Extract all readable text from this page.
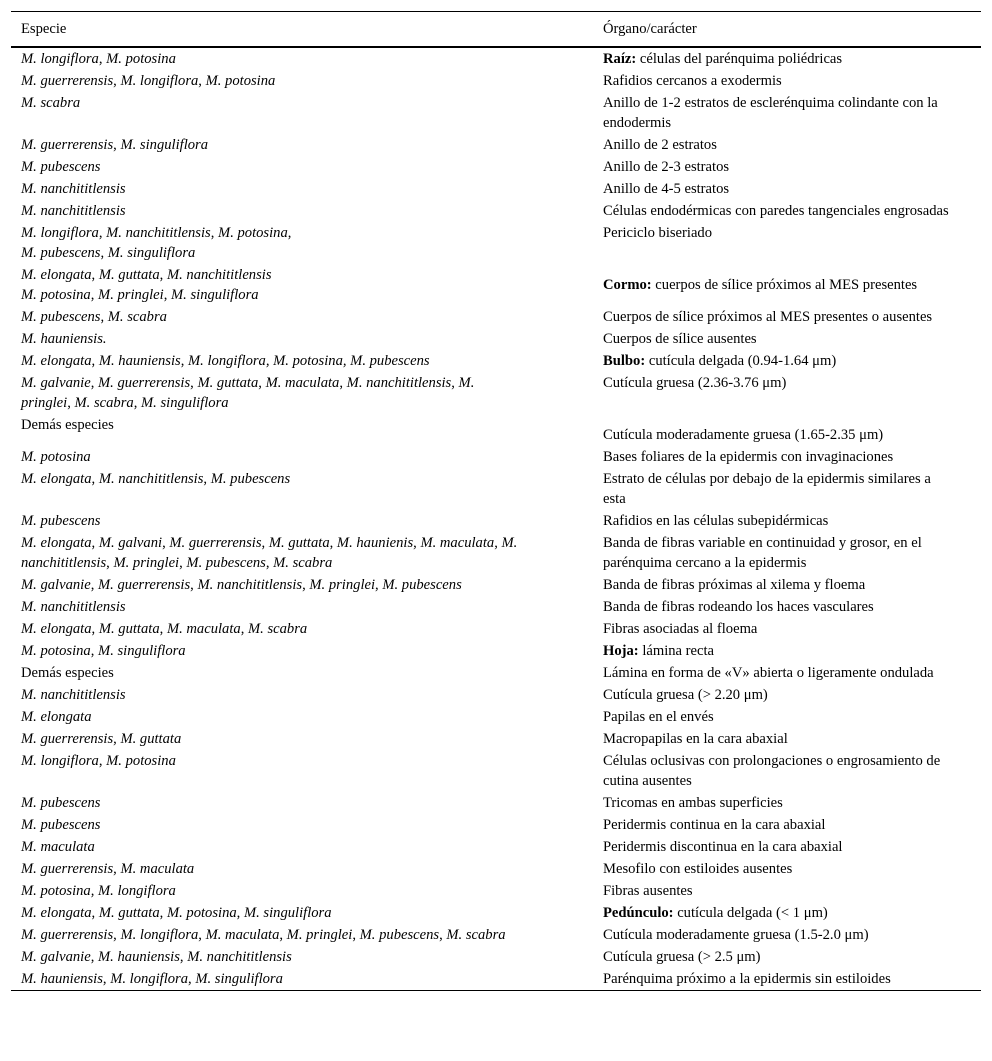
Especie	Órgano/carácter
M. longiflora, M. potosina	Raíz: células del parénquima poliédricas
M. guerrerensis, M. longiflora, M. potosina	Rafidios cercanos a exodermis
M. scabra	Anillo de 1-2 estratos de esclerénquima colindante con la endodermis
M. guerrerensis, M. singuliflora	Anillo de 2 estratos
M. pubescens	Anillo de 2-3 estratos
M. nanchititlensis	Anillo de 4-5 estratos
M. nanchititlensis	Células endodérmicas con paredes tangenciales engrosadas
M. longiflora, M. nanchititlensis, M. potosina,
M. pubescens, M. singuliflora	Periciclo biseriado
M. elongata, M. guttata, M. nanchititlensis
M. potosina, M. pringlei, M. singuliflora	Cormo: cuerpos de sílice próximos al MES presentes
M. pubescens, M. scabra	Cuerpos de sílice próximos al MES presentes o ausentes
M. hauniensis.	Cuerpos de sílice ausentes
M. elongata, M. hauniensis, M. longiflora, M. potosina, M. pubescens	Bulbo: cutícula delgada (0.94-1.64 μm)
M. galvanie, M. guerrerensis, M. guttata, M. maculata, M. nanchititlensis, M.
pringlei, M. scabra, M. singuliflora	Cutícula gruesa (2.36-3.76 μm)
Demás especies	Cutícula moderadamente gruesa (1.65-2.35 μm)
M. potosina	Bases foliares de la epidermis con invaginaciones
M. elongata, M. nanchititlensis, M. pubescens	Estrato de células por debajo de la epidermis similares a esta
M. pubescens	Rafidios en las células subepidérmicas
M. elongata, M. galvani, M. guerrerensis, M. guttata, M. haunienis, M. maculata, M.
nanchititlensis, M. pringlei, M. pubescens, M. scabra	Banda de fibras variable en continuidad y grosor, en el parénquima cercano a la epidermis
M. galvanie, M. guerrerensis, M. nanchititlensis, M. pringlei, M. pubescens	Banda de fibras próximas al xilema y floema
M. nanchititlensis	Banda de fibras rodeando los haces vasculares
M. elongata, M. guttata, M. maculata, M. scabra	Fibras asociadas al floema
M. potosina, M. singuliflora	Hoja: lámina recta
Demás especies	Lámina en forma de «V» abierta o ligeramente ondulada
M. nanchititlensis	Cutícula gruesa (> 2.20 μm)
M. elongata	Papilas en el envés
M. guerrerensis, M. guttata	Macropapilas en la cara abaxial
M. longiflora, M. potosina	Células oclusivas con prolongaciones o engrosamiento de cutina ausentes
M. pubescens	Tricomas en ambas superficies
M. pubescens	Peridermis continua en la cara abaxial
M. maculata	Peridermis discontinua en la cara abaxial
M. guerrerensis, M. maculata	Mesofilo con estiloides ausentes
M. potosina, M. longiflora	Fibras ausentes
M. elongata, M. guttata, M. potosina, M. singuliflora	Pedúnculo: cutícula delgada (< 1 μm)
M. guerrerensis, M. longiflora, M. maculata, M. pringlei, M. pubescens, M. scabra	Cutícula moderadamente gruesa (1.5-2.0 μm)
M. galvanie, M. hauniensis, M. nanchititlensis	Cutícula gruesa (> 2.5 μm)
M. hauniensis, M. longiflora, M. singuliflora	Parénquima próximo a la epidermis sin estiloides
